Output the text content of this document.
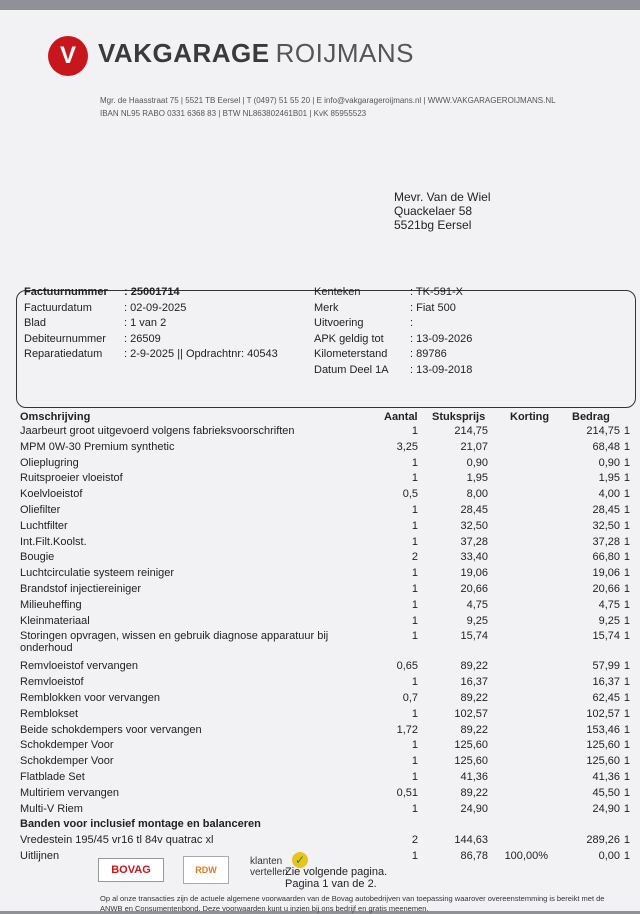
V VAKGARAGE ROIJMANS
Mgr. de Haasstraat 75 | 5521 TB Eersel | T (0497) 51 55 20 | E info@vakgarageroijmans.nl | WWW.VAKGARAGEROIJMANS.NL
IBAN NL95 RABO 0331 6368 83 | BTW NL863802461B01 | KvK 85955523
Mevr. Van de Wiel
Quackelaer 58
5521bg Eersel
Factuurnummer : 25001714
Factuurdatum	: 02-09-2025
Blad	: 1 van 2
Debiteurnummer : 26509
Reparatiedatum : 2-9-2025 || Opdrachtnr: 40543
Kenteken	: TK-591-X
Merk	: Fiat 500
Uitvoering	:
APK geldig tot : 13-09-2026
Kilometerstand : 89786
Datum Deel 1A : 13-09-2018
Omschrijving	Aantal Stuksprijs Korting Bedrag
Jaarbeurt groot uitgevoerd volgens fabrieksvoorschriften	1	214,75	214,75 1
MPM 0W-30 Premium synthetic	3,25	21,07	68,48 1
Olieplugring	1	0,90	0,90 1
Ruitsproeier vloeistof	1	1,95	1,95 1
Koelvloeistof	0,5	8,00	4,00 1
Oliefilter	1	28,45	28,45 1
Luchtfilter	1	32,50	32,50 1
Int.Filt.Koolst.	1	37,28	37,28 1
Bougie	2	33,40	66,80 1
Luchtcirculatie systeem reiniger	1	19,06	19,06 1
Brandstof injectiereiniger	1	20,66	20,66 1
Milieuheffing	1	4,75	4,75 1
Kleinmateriaal	1	9,25	9,25 1
Storingen opvragen, wissen en gebruik diagnose apparatuur bij onderhoud
1	15,74	15,74 1
Remvloeistof vervangen	0,65	89,22	57,99 1
Remvloeistof	1	16,37	16,37 1
Remblokken voor vervangen	0,7	89,22	62,45 1
Remblokset	1	102,57	102,57 1
Beide schokdempers voor vervangen	1,72	89,22	153,46 1
Schokdemper Voor	1	125,60	125,60 1
Schokdemper Voor	1	125,60	125,60 1
Flatblade Set	1	41,36	41,36 1
Multiriem vervangen	0,51	89,22	45,50 1
Multi-V Riem	1	24,90	24,90 1
Banden voor inclusief montage en balanceren
Vredestein 195/45 vr16 tl 84v quatrac xl	2	144,63	289,26 1
Uitlijnen	1	86,78 100,00%	0,00 1
BOVAG	RDW
klanten vertellen
✓
Zie volgende pagina.
Pagina 1 van de 2.
Op al onze transacties zijn de actuele algemene voorwaarden van de Bovag autobedrijven van toepassing waarover overeenstemming is bereikt met de ANWB en Consumentenbond. Deze voorwaarden kunt u inzien bij ons bedrijf en gratis meenemen.
